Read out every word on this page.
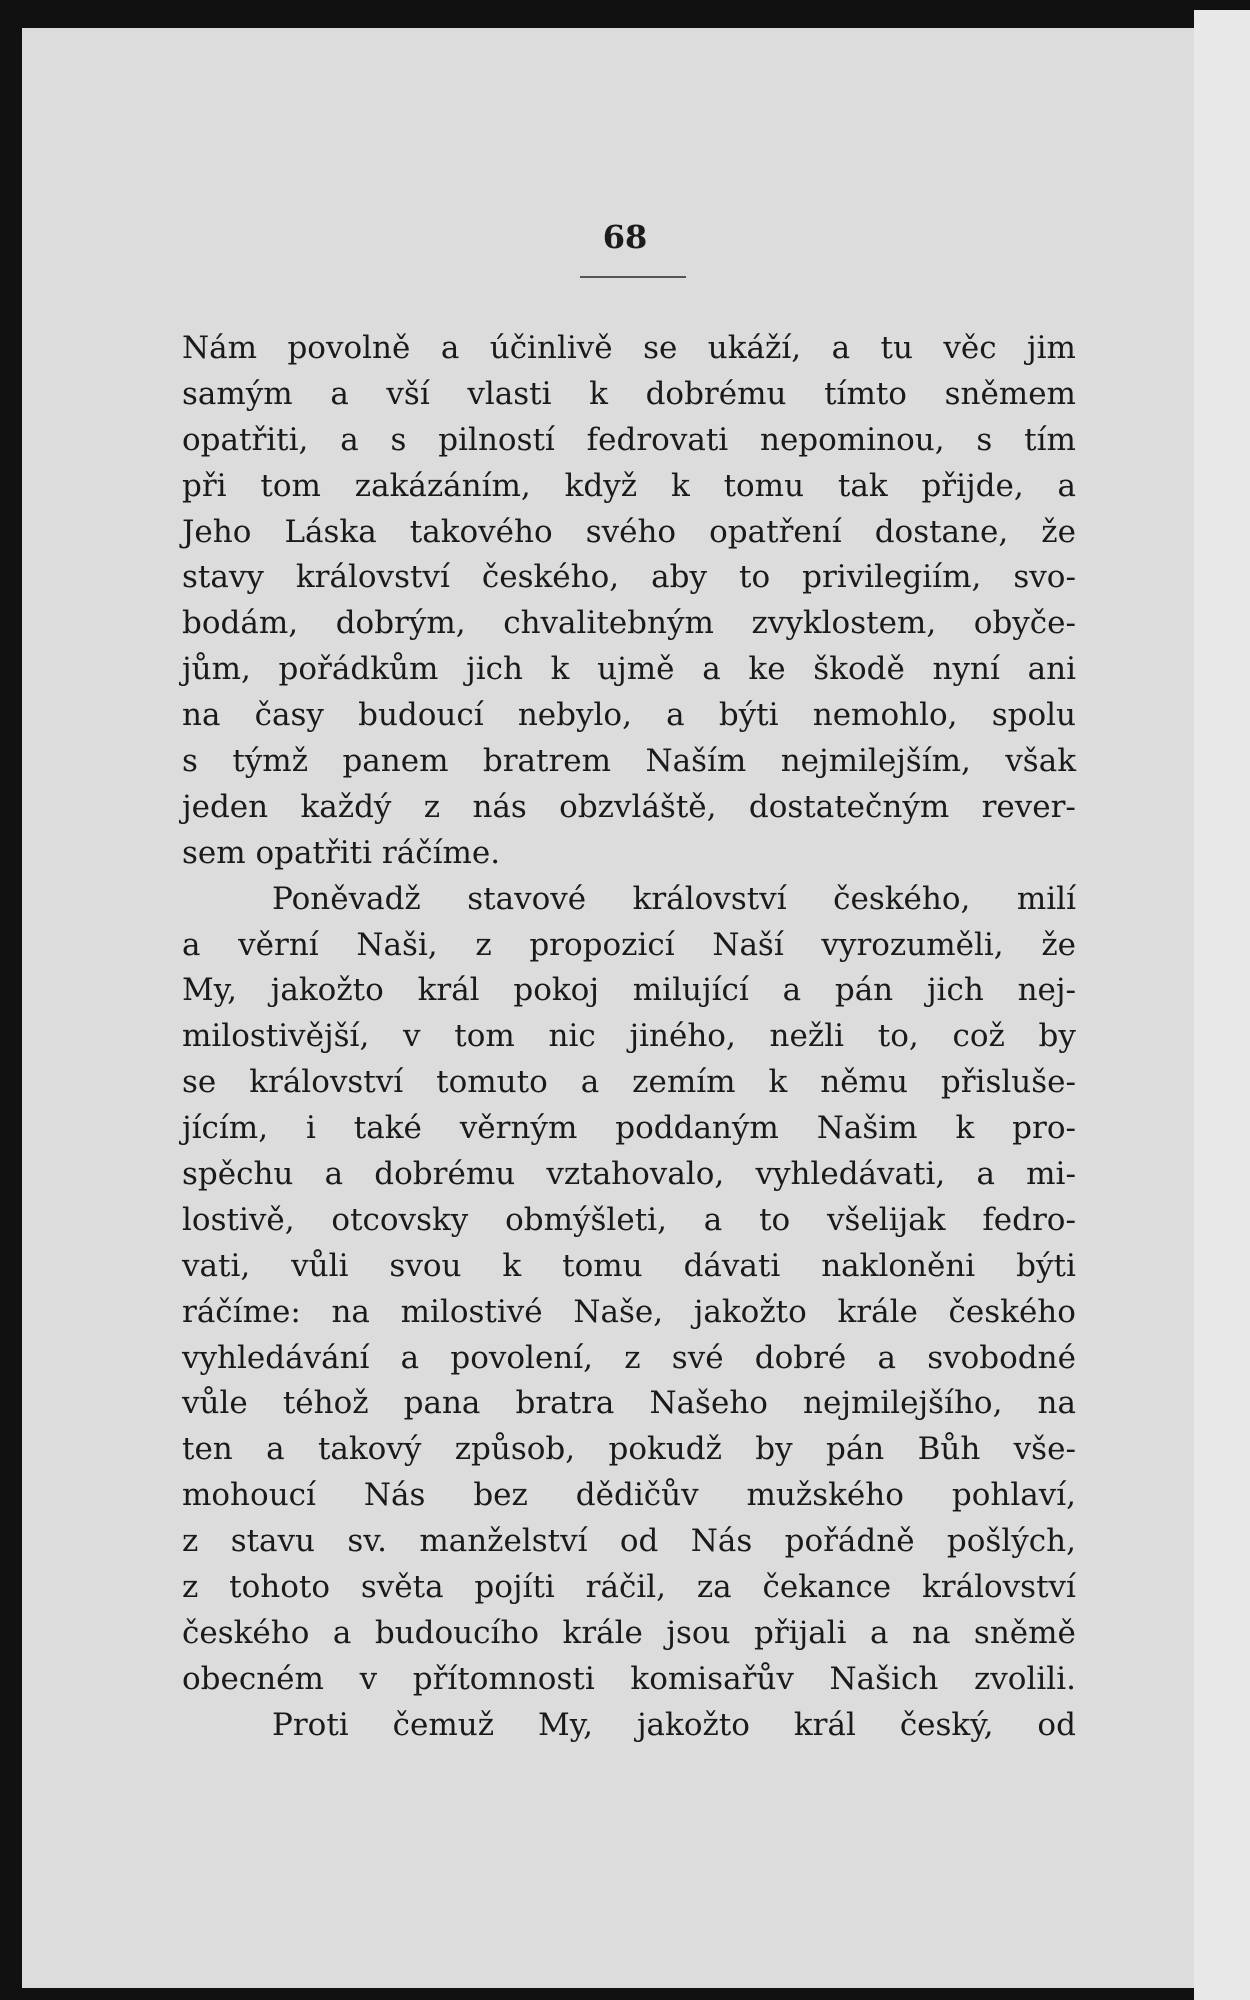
68
Nám povolně a účinlivě se ukáží, a tu věc jim
samým a vší vlasti k dobrému tímto sněmem
opatřiti, a s pilností fedrovati nepominou, s tím
při tom zakázáním, když k tomu tak přijde, a
Jeho Láska takového svého opatření dostane, že
stavy království českého, aby to privilegiím, svo-
bodám, dobrým, chvalitebným zvyklostem, obyče-
jům, pořádkům jich k ujmě a ke škodě nyní ani
na časy budoucí nebylo, a býti nemohlo, spolu
s týmž panem bratrem Naším nejmilejším, však
jeden každý z nás obzvláště, dostatečným rever-
sem opatřiti ráčíme.
Poněvadž stavové království českého, milí
a věrní Naši, z propozicí Naší vyrozuměli, že
My, jakožto král pokoj milující a pán jich nej-
milostivější, v tom nic jiného, nežli to, což by
se království tomuto a zemím k němu přisluše-
jícím, i také věrným poddaným Našim k pro-
spěchu a dobrému vztahovalo, vyhledávati, a mi-
lostivě, otcovsky obmýšleti, a to všelijak fedro-
vati, vůli svou k tomu dávati nakloněni býti
ráčíme: na milostivé Naše, jakožto krále českého
vyhledávání a povolení, z své dobré a svobodné
vůle téhož pana bratra Našeho nejmilejšího, na
ten a takový způsob, pokudž by pán Bůh vše-
mohoucí Nás bez dědičův mužského pohlaví,
z stavu sv. manželství od Nás pořádně pošlých,
z tohoto světa pojíti ráčil, za čekance království
českého a budoucího krále jsou přijali a na sněmě
obecném v přítomnosti komisařův Našich zvolili.
Proti čemuž My, jakožto král český, od
